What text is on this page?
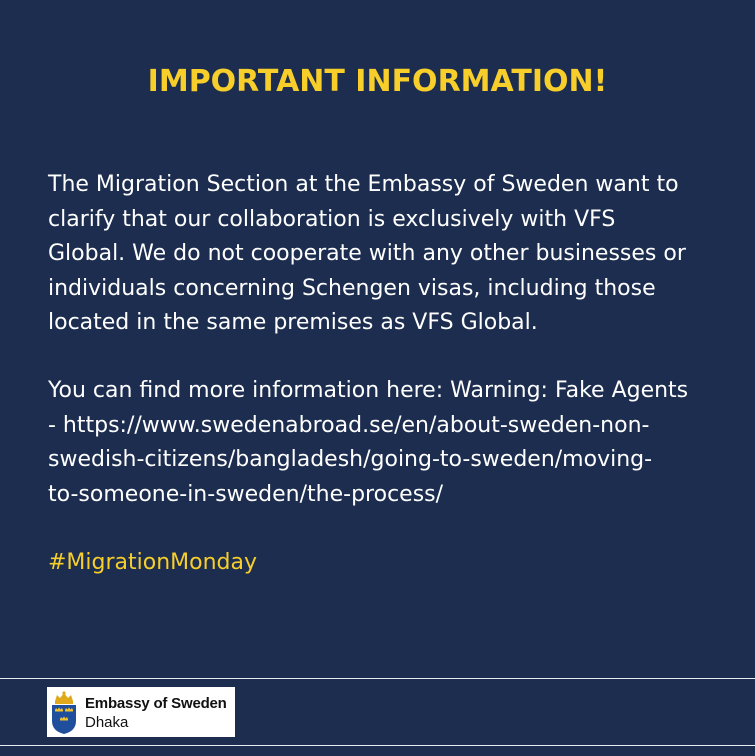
IMPORTANT INFORMATION!

The Migration Section at the Embassy of Sweden want to
clarify that our collaboration is exclusively with VFS
Global. We do not cooperate with any other businesses or
individuals concerning Schengen visas, including those
located in the same premises as VFS Global.

You can find more information here: Warning: Fake Agents
- https://www.swedenabroad.se/en/about-sweden-non-
swedish-citizens/bangladesh/going-to-sweden/moving-
to-someone-in-sweden/the-process/

#MigrationMonday

Embassy of Sweden
Dhaka
